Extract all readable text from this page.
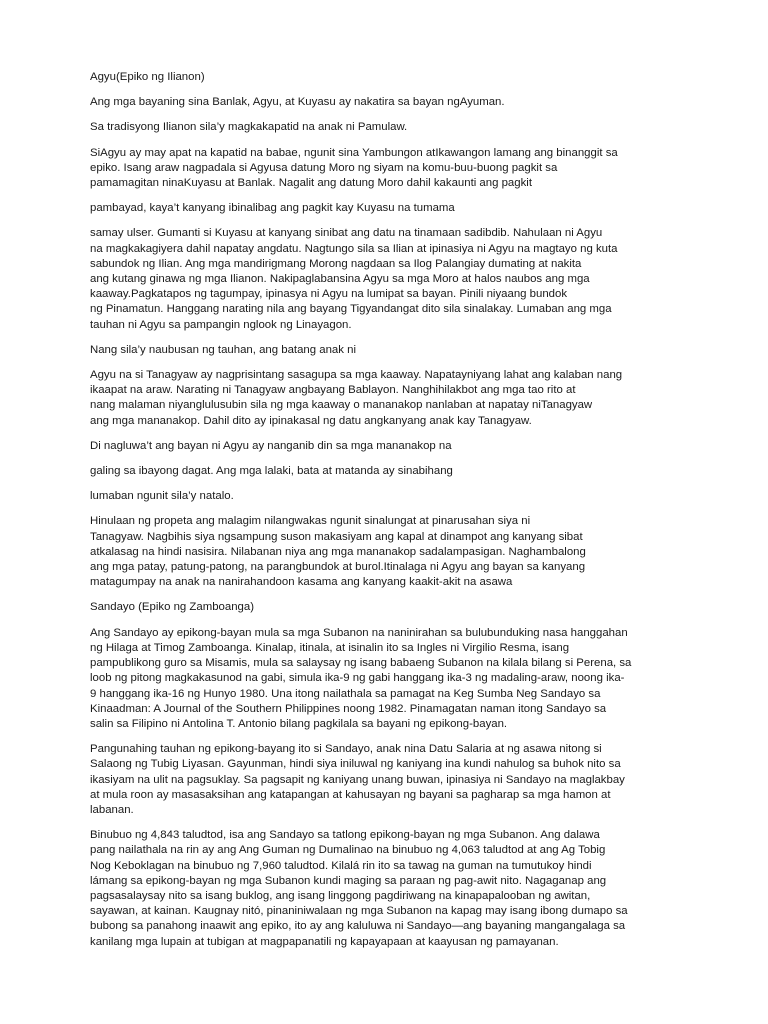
Agyu(Epiko ng Ilianon)
Ang mga bayaning sina Banlak, Agyu, at Kuyasu ay nakatira sa bayan ngAyuman.
Sa tradisyong Ilianon sila’y magkakapatid na anak ni Pamulaw.
SiAgyu ay may apat na kapatid na babae, ngunit sina Yambungon atIkawangon lamang ang binanggit sa
epiko. Isang araw nagpadala si Agyusa datung Moro ng siyam na komu-buu-buong pagkit sa
pamamagitan ninaKuyasu at Banlak. Nagalit ang datung Moro dahil kakaunti ang pagkit
pambayad, kaya’t kanyang ibinalibag ang pagkit kay Kuyasu na tumama
samay ulser. Gumanti si Kuyasu at kanyang sinibat ang datu na tinamaan sadibdib. Nahulaan ni Agyu
na magkakagiyera dahil napatay angdatu. Nagtungo sila sa Ilian at ipinasiya ni Agyu na magtayo ng kuta
sabundok ng Ilian. Ang mga mandirigmang Morong nagdaan sa Ilog Palangiay dumating at nakita
ang kutang ginawa ng mga Ilianon. Nakipaglabansina Agyu sa mga Moro at halos naubos ang mga
kaaway.Pagkatapos ng tagumpay, ipinasya ni Agyu na lumipat sa bayan. Pinili niyaang bundok
ng Pinamatun. Hanggang narating nila ang bayang Tigyandangat dito sila sinalakay. Lumaban ang mga
tauhan ni Agyu sa pampangin nglook ng Linayagon.
Nang sila’y naubusan ng tauhan, ang batang anak ni
Agyu na si Tanagyaw ay nagprisintang sasagupa sa mga kaaway. Napatayniyang lahat ang kalaban nang
ikaapat na araw. Narating ni Tanagyaw angbayang Bablayon. Nanghihilakbot ang mga tao rito at
nang malaman niyanglulusubin sila ng mga kaaway o mananakop nanlaban at napatay niTanagyaw
ang mga mananakop. Dahil dito ay ipinakasal ng datu angkanyang anak kay Tanagyaw.
Di nagluwa’t ang bayan ni Agyu ay nanganib din sa mga mananakop na
galing sa ibayong dagat. Ang mga lalaki, bata at matanda ay sinabihang
lumaban ngunit sila’y natalo.
Hinulaan ng propeta ang malagim nilangwakas ngunit sinalungat at pinarusahan siya ni
Tanagyaw. Nagbihis siya ngsampung suson makasiyam ang kapal at dinampot ang kanyang sibat
atkalasag na hindi nasisira. Nilabanan niya ang mga mananakop sadalampasigan. Naghambalong
ang mga patay, patung-patong, na parangbundok at burol.Itinalaga ni Agyu ang bayan sa kanyang
matagumpay na anak na nanirahandoon kasama ang kanyang kaakit-akit na asawa
Sandayo (Epiko ng Zamboanga)
Ang Sandayo ay epikong-bayan mula sa mga Subanon na naninirahan sa bulubunduking nasa hanggahan
ng Hilaga at Timog Zamboanga. Kinalap, itinala, at isinalin ito sa Ingles ni Virgilio Resma, isang
pampublikong guro sa Misamis, mula sa salaysay ng isang babaeng Subanon na kilala bilang si Perena, sa
loob ng pitong magkakasunod na gabi, simula ika-9 ng gabi hanggang ika-3 ng madaling-araw, noong ika-
9 hanggang ika-16 ng Hunyo 1980. Una itong nailathala sa pamagat na Keg Sumba Neg Sandayo sa
Kinaadman: A Journal of the Southern Philippines noong 1982. Pinamagatan naman itong Sandayo sa
salin sa Filipino ni Antolina T. Antonio bilang pagkilala sa bayani ng epikong-bayan.
Pangunahing tauhan ng epikong-bayang ito si Sandayo, anak nina Datu Salaria at ng asawa nitong si
Salaong ng Tubig Liyasan. Gayunman, hindi siya iniluwal ng kaniyang ina kundi nahulog sa buhok nito sa
ikasiyam na ulit na pagsuklay. Sa pagsapit ng kaniyang unang buwan, ipinasiya ni Sandayo na maglakbay
at mula roon ay masasaksihan ang katapangan at kahusayan ng bayani sa pagharap sa mga hamon at
labanan.
Binubuo ng 4,843 taludtod, isa ang Sandayo sa tatlong epikong-bayan ng mga Subanon. Ang dalawa
pang nailathala na rin ay ang Ang Guman ng Dumalinao na binubuo ng 4,063 taludtod at ang Ag Tobig
Nog Keboklagan na binubuo ng 7,960 taludtod. Kilalá rin ito sa tawag na guman na tumutukoy hindi
lámang sa epikong-bayan ng mga Subanon kundi maging sa paraan ng pag-awit nito. Nagaganap ang
pagsasalaysay nito sa isang buklog, ang isang linggong pagdiriwang na kinapapalooban ng awitan,
sayawan, at kainan. Kaugnay nitó, pinaniniwalaan ng mga Subanon na kapag may isang ibong dumapo sa
bubong sa panahong inaawit ang epiko, ito ay ang kaluluwa ni Sandayo—ang bayaning mangangalaga sa
kanilang mga lupain at tubigan at magpapanatili ng kapayapaan at kaayusan ng pamayanan.
